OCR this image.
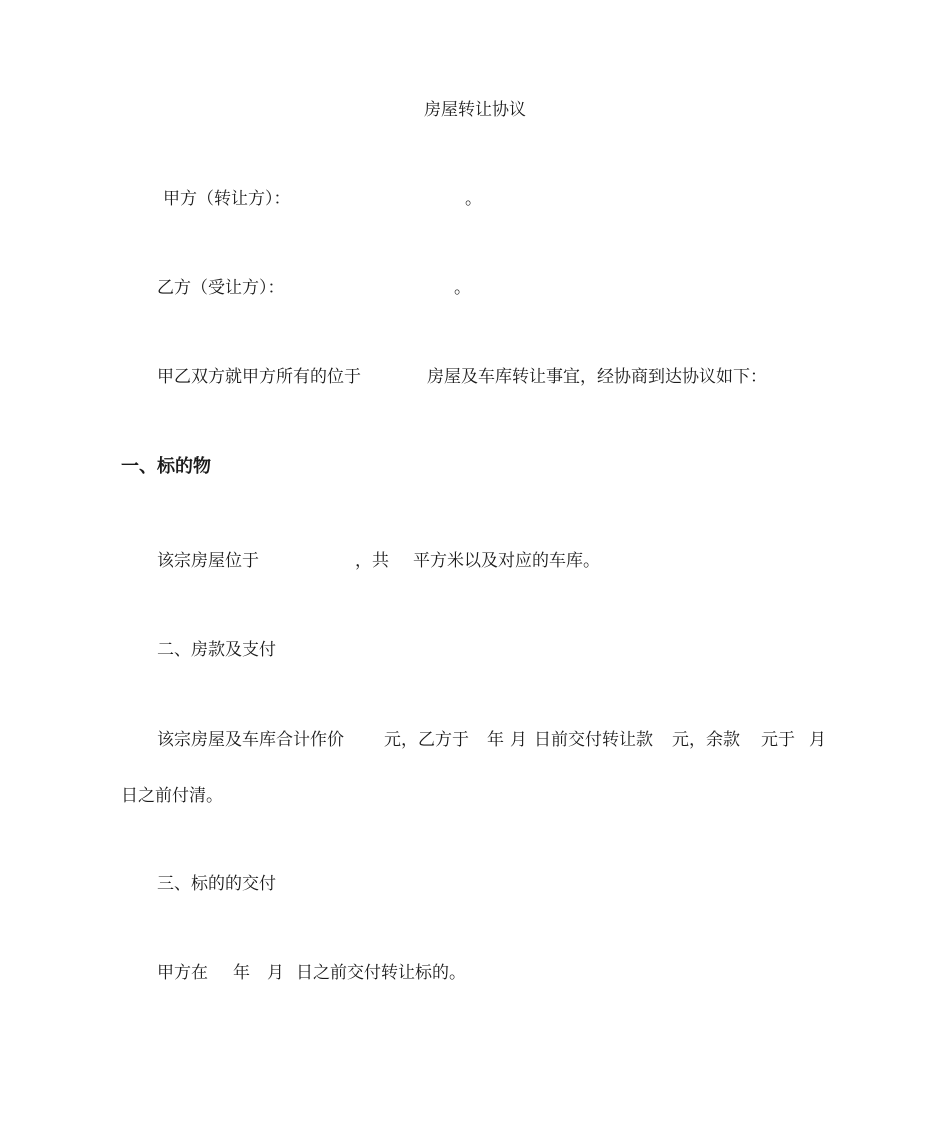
房屋转让协议
甲方（转让方）：	。
乙方（受让方）：	。
甲乙双方就甲方所有的位于	房屋及车库转让事宜，经协商到达协议如下：
一、标的物
该宗房屋位于	，共 平方米以及对应的车库。
二、房款及支付
该宗房屋及车库合计作价 元，乙方于 年 月 日前交付转让款 元，余款 元于 月
日之前付清。
三、标的的交付
甲方在 年 月 日之前交付转让标的。
